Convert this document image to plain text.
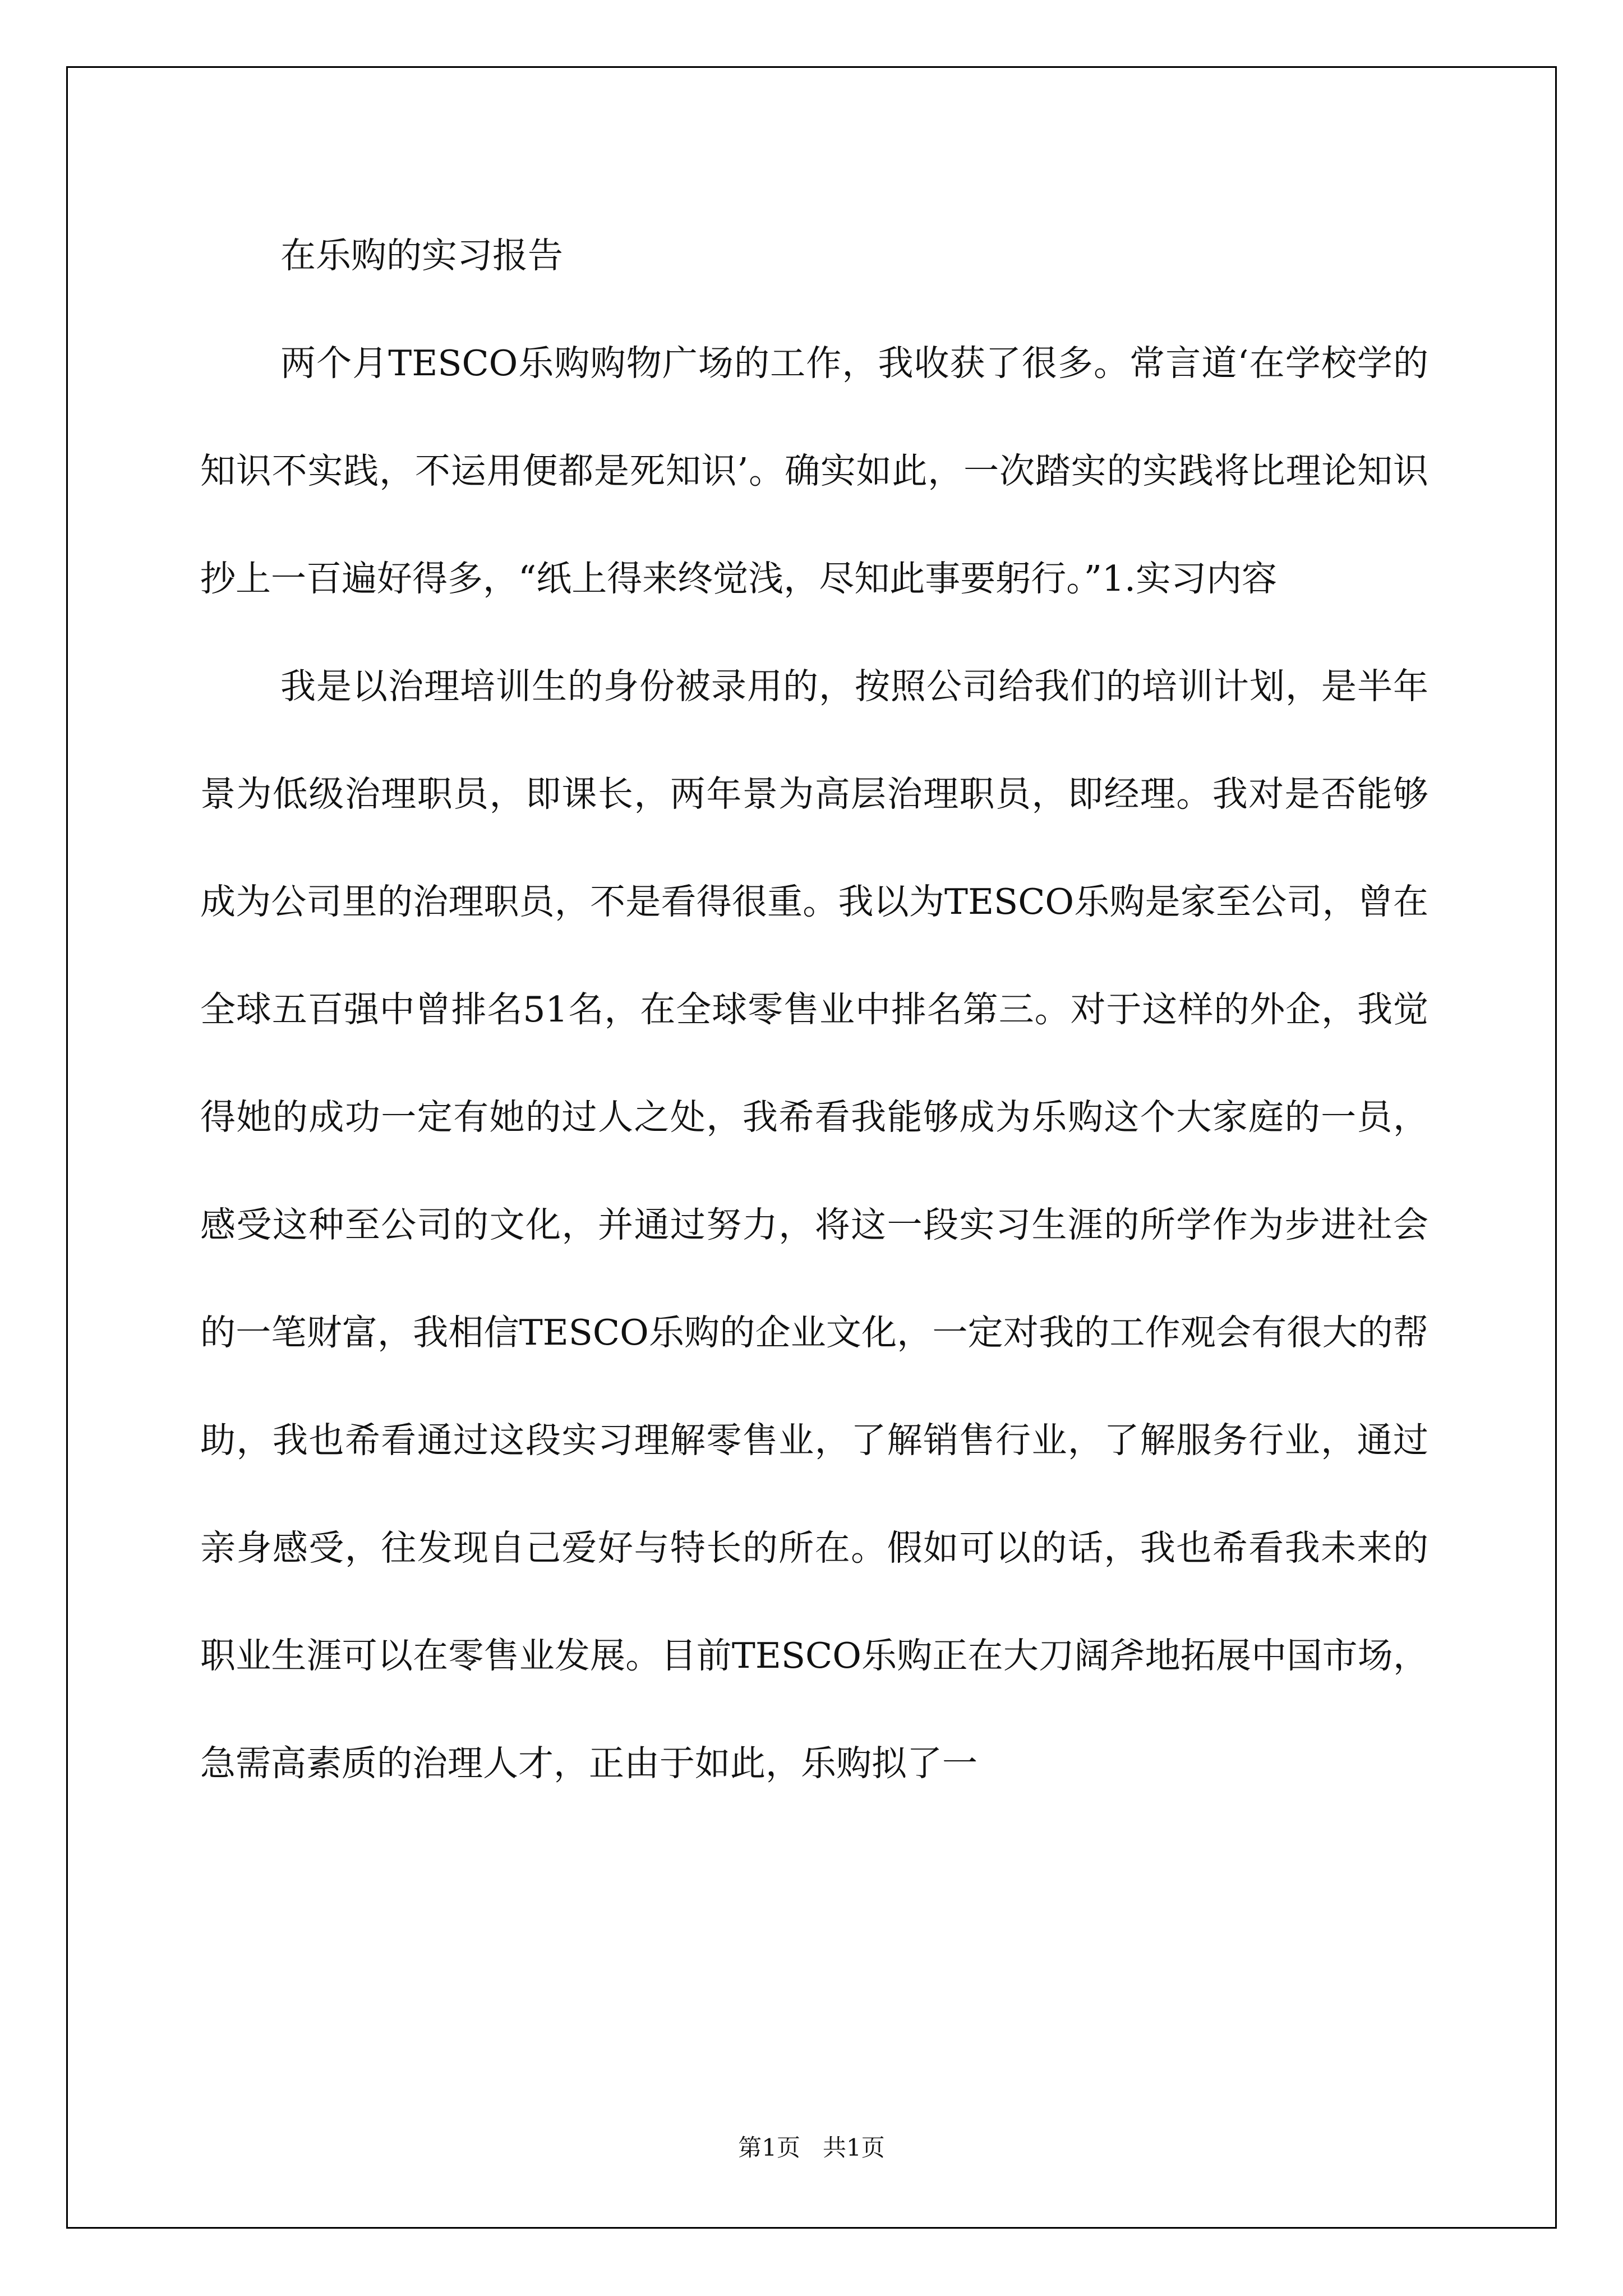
在乐购的实习报告

两个月TESCO乐购购物广场的工作，我收获了很多。常言道‘在学校学的知识不实践，不运用便都是死知识’。确实如此，一次踏实的实践将比理论知识抄上一百遍好得多，“纸上得来终觉浅，尽知此事要躬行。”1.实习内容

我是以治理培训生的身份被录用的，按照公司给我们的培训计划，是半年景为低级治理职员，即课长，两年景为高层治理职员，即经理。我对是否能够成为公司里的治理职员，不是看得很重。我以为TESCO乐购是家至公司，曾在全球五百强中曾排名51名，在全球零售业中排名第三。对于这样的外企，我觉得她的成功一定有她的过人之处，我希看我能够成为乐购这个大家庭的一员，感受这种至公司的文化，并通过努力，将这一段实习生涯的所学作为步进社会的一笔财富，我相信TESCO乐购的企业文化，一定对我的工作观会有很大的帮助，我也希看通过这段实习理解零售业，了解销售行业，了解服务行业，通过亲身感受，往发现自己爱好与特长的所在。假如可以的话，我也希看我未来的职业生涯可以在零售业发展。目前TESCO乐购正在大刀阔斧地拓展中国市场，急需高素质的治理人才，正由于如此，乐购拟了一

第1页   共1页
